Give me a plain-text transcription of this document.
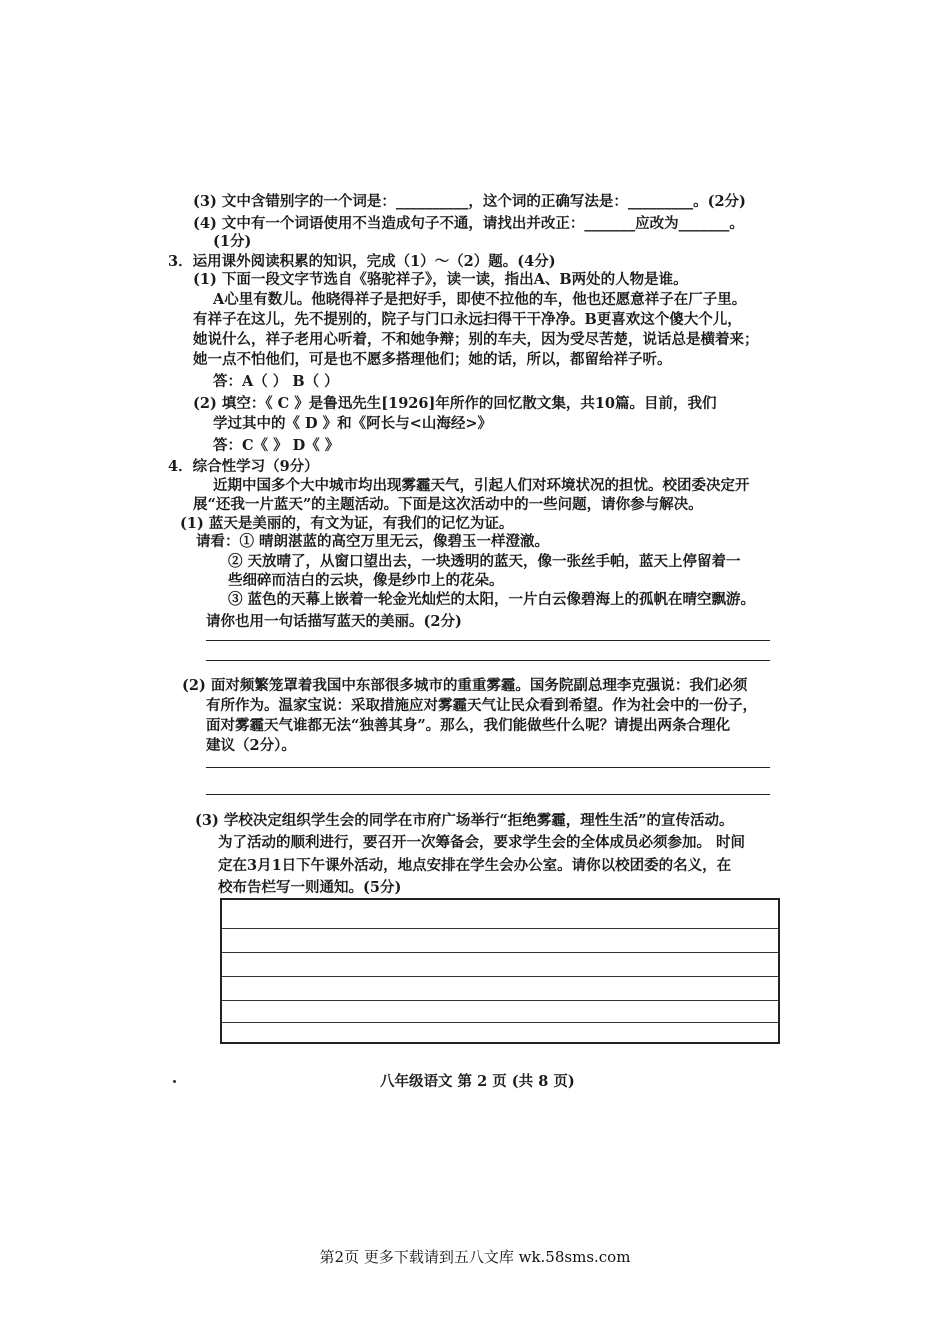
(3) 文中含错别字的一个词是：__________，这个词的正确写法是：_________。(2分)
(4) 文中有一个词语使用不当造成句子不通，请找出并改正：_______应改为_______。
(1分)
3．运用课外阅读积累的知识，完成（1）～（2）题。(4分)
(1) 下面一段文字节选自《骆驼祥子》，读一读，指出A、B两处的人物是谁。
A心里有数儿。他晓得祥子是把好手，即使不拉他的车，他也还愿意祥子在厂子里。
有祥子在这儿，先不提别的，院子与门口永远扫得干干净净。B更喜欢这个傻大个儿，
她说什么，祥子老用心听着，不和她争辩；别的车夫，因为受尽苦楚，说话总是横着来；
她一点不怕他们，可是也不愿多搭理他们；她的话，所以，都留给祥子听。
答：A（ ） B（ ）
(2) 填空：《 C 》是鲁迅先生[1926]年所作的回忆散文集，共10篇。目前，我们
学过其中的《 D 》和《阿长与<山海经>》
答：C《 》 D《 》
4．综合性学习（9分）
近期中国多个大中城市均出现雾霾天气，引起人们对环境状况的担忧。校团委决定开
展“还我一片蓝天”的主题活动。下面是这次活动中的一些问题，请你参与解决。
(1) 蓝天是美丽的，有文为证，有我们的记忆为证。
请看：① 晴朗湛蓝的高空万里无云，像碧玉一样澄澈。
② 天放晴了，从窗口望出去，一块透明的蓝天，像一张丝手帕，蓝天上停留着一
些细碎而洁白的云块，像是纱巾上的花朵。
③ 蓝色的天幕上嵌着一轮金光灿烂的太阳，一片白云像碧海上的孤帆在晴空飘游。
请你也用一句话描写蓝天的美丽。(2分)
(2) 面对频繁笼罩着我国中东部很多城市的重重雾霾。国务院副总理李克强说：我们必须
有所作为。温家宝说：采取措施应对雾霾天气让民众看到希望。作为社会中的一份子，
面对雾霾天气谁都无法“独善其身”。那么，我们能做些什么呢？请提出两条合理化
建议（2分）。
(3) 学校决定组织学生会的同学在市府广场举行“拒绝雾霾，理性生活”的宣传活动。
为了活动的顺利进行，要召开一次筹备会，要求学生会的全体成员必须参加。 时间
定在3月1日下午课外活动，地点安排在学生会办公室。请你以校团委的名义，在
校布告栏写一则通知。(5分)
八年级语文 第 2 页 (共 8 页)
第2页 更多下载请到五八文库 wk.58sms.com
